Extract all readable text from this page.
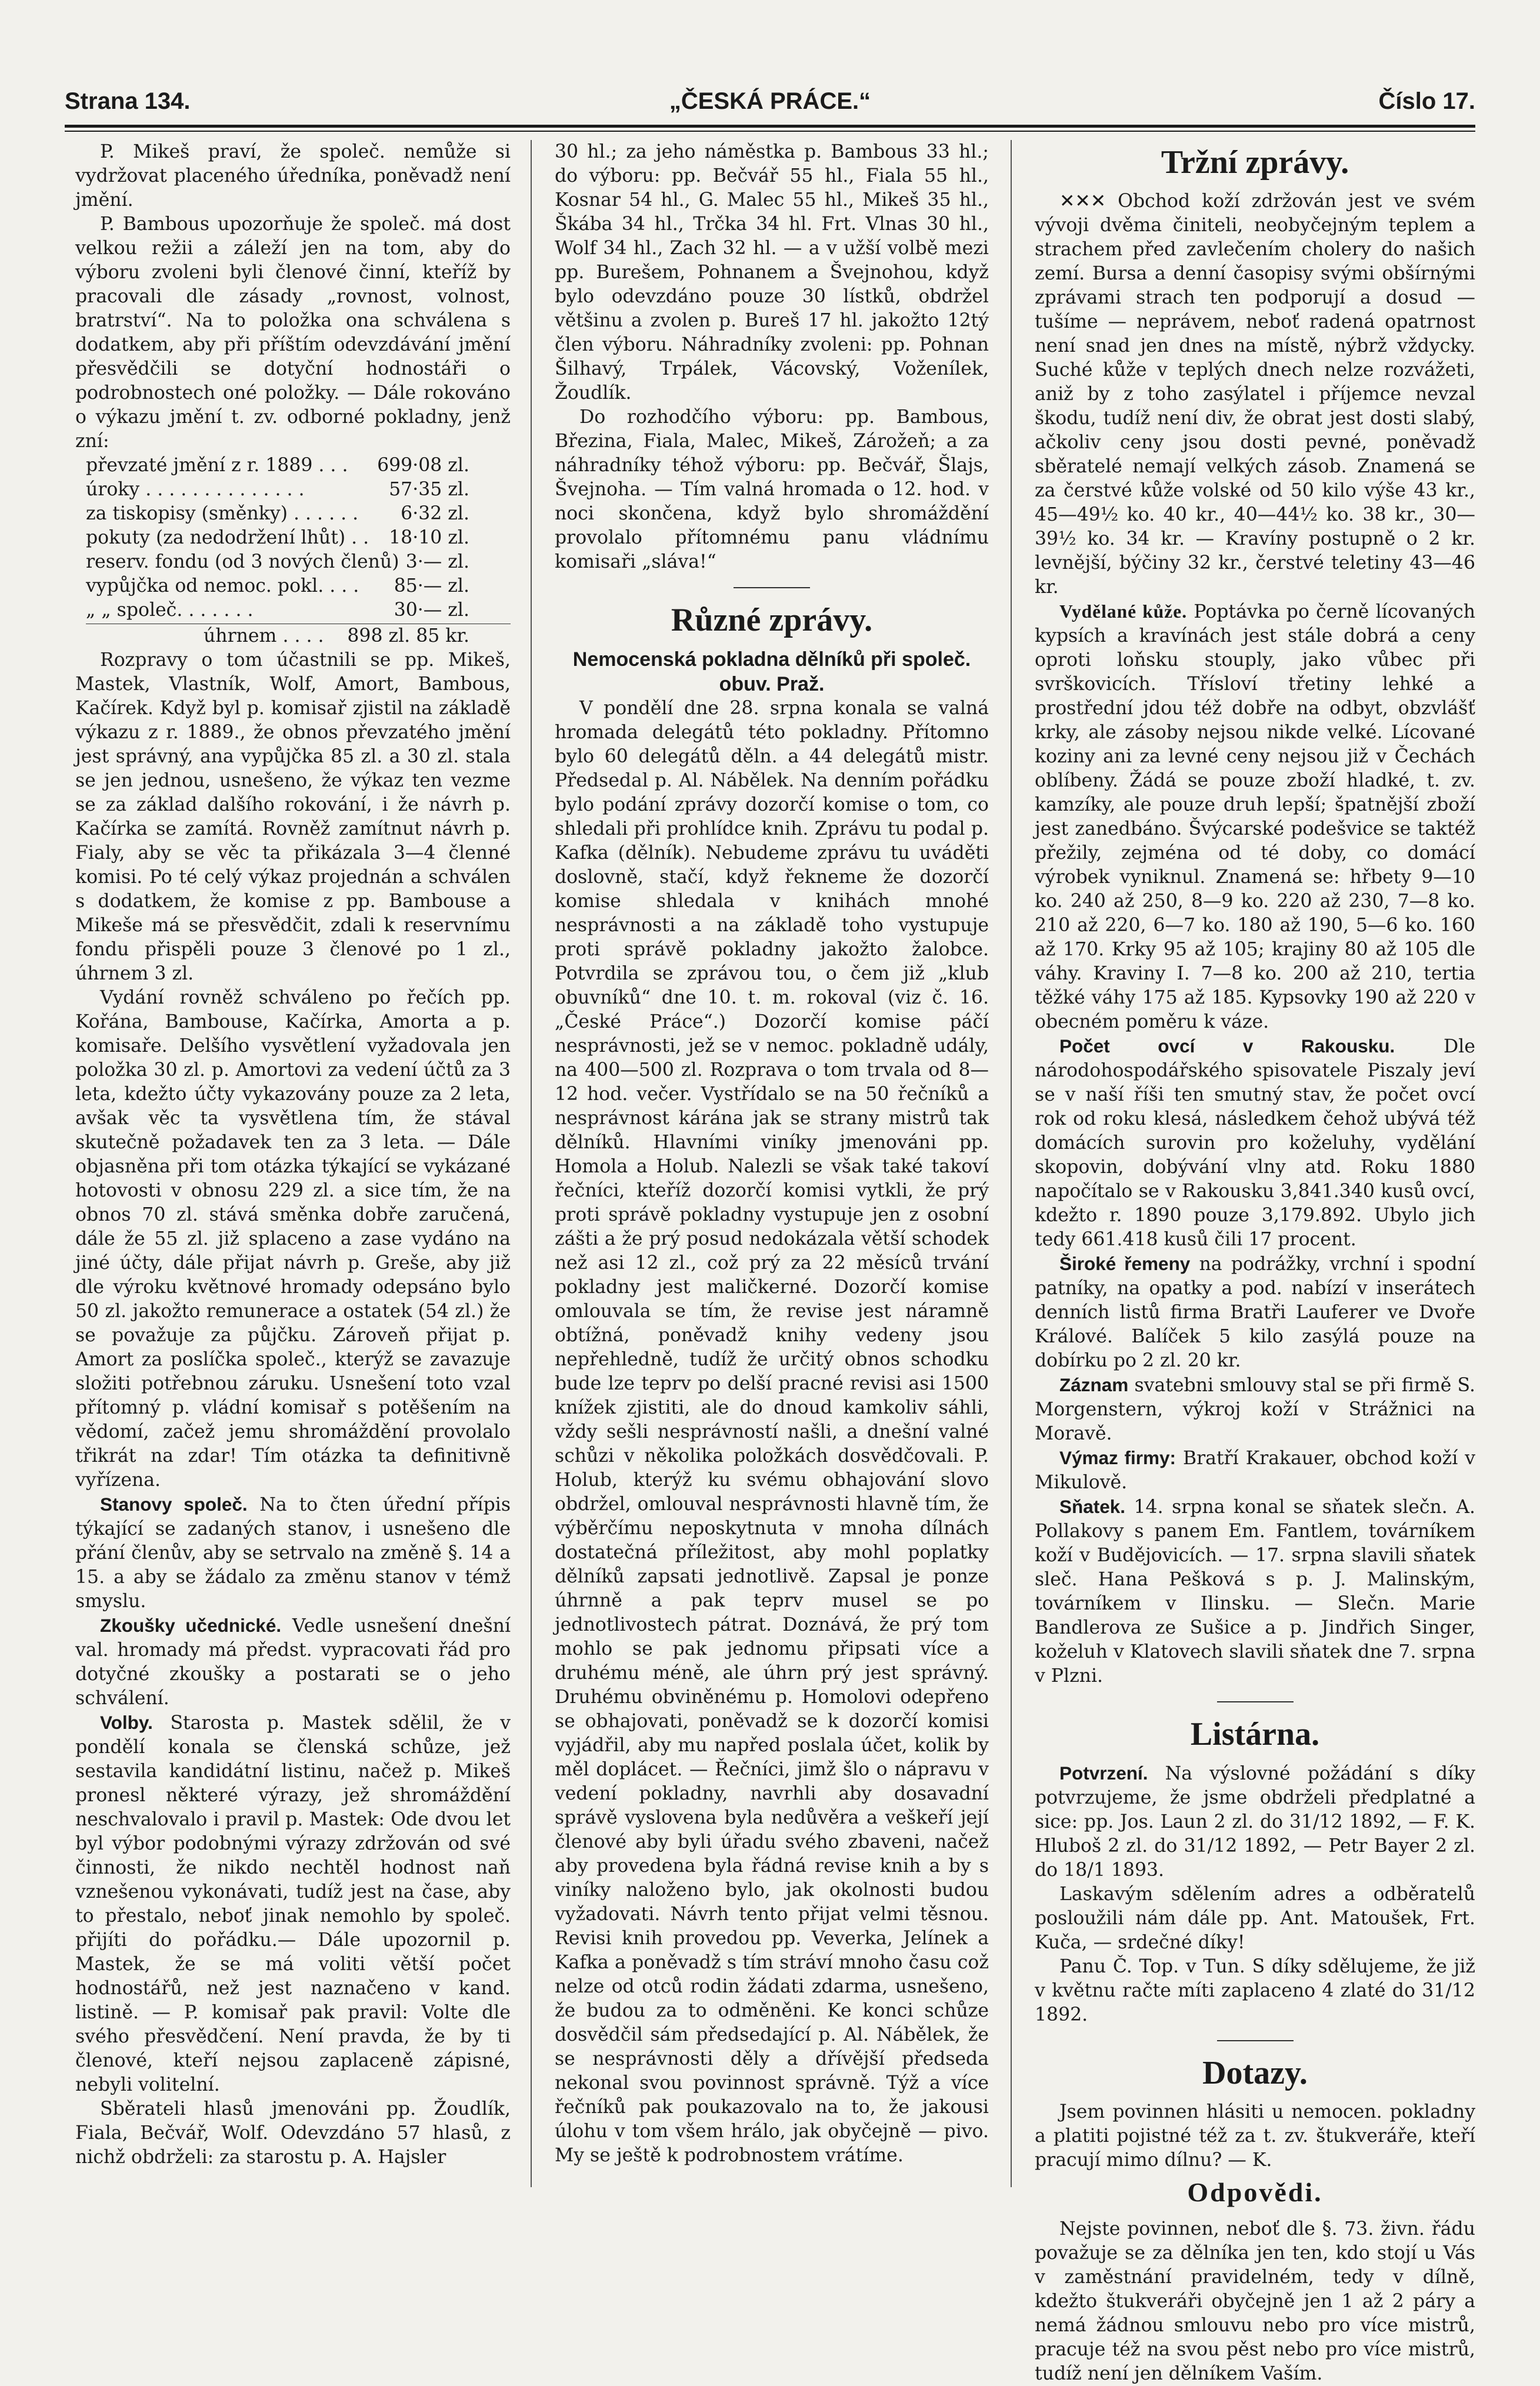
Strana 134.	„ČESKÁ PRÁCE.“	Číslo 17.

P. Mikeš praví, že společ. nemůže si vydržovat placeného úředníka, poněvadž není jmění.

P. Bambous upozorňuje že společ. má dost velkou režii a záleží jen na tom, aby do výboru zvoleni byli členové činní, kteříž by pracovali dle zásady „rovnost, volnost, bratrství“. Na to položka ona schválena s dodatkem, aby při příštím odevzdávání jmění přesvědčili se dotyční hodnostáři o podrobnostech oné položky. — Dále rokováno o výkazu jmění t. zv. odborné pokladny, jenž zní:

převzaté jmění z r. 1889 . . . 699·08 zl.
úroky . . . . . . . . . . . . . .	57·35 zl.
za tiskopisy (směnky) . . . . . . 6·32 zl.
pokuty (za nedodržení lhůt) . . 18·10 zl.
reserv. fondu (od 3 nových členů) 3·— zl.
vypůjčka od nemoc. pokl. . . . 85·— zl.
„ „ společ. . . . . . .	30·— zl.
úhrnem . . . . 898 zl. 85 kr.

Rozpravy o tom účastnili se pp. Mikeš, Mastek, Vlastník, Wolf, Amort, Bambous, Kačírek. Když byl p. komisař zjistil na základě výkazu z r. 1889., že obnos převzatého jmění jest správný, ana vypůjčka 85 zl. a 30 zl. stala se jen jednou, usnešeno, že výkaz ten vezme se za základ dalšího rokování, i že návrh p. Kačírka se zamítá. Rovněž zamítnut návrh p. Fialy, aby se věc ta přikázala 3—4 členné komisi. Po té celý výkaz projednán a schválen s dodatkem, že komise z pp. Bambouse a Mikeše má se přesvědčit, zdali k reservnímu fondu přispěli pouze 3 členové po 1 zl., úhrnem 3 zl.

Vydání rovněž schváleno po řečích pp. Kořána, Bambouse, Kačírka, Amorta a p. komisaře. Delšího vysvětlení vyžadovala jen položka 30 zl. p. Amortovi za vedení účtů za 3 leta, kdežto účty vykazovány pouze za 2 leta, avšak věc ta vysvětlena tím, že stával skutečně požadavek ten za 3 leta. — Dále objasněna při tom otázka týkající se vykázané hotovosti v obnosu 229 zl. a sice tím, že na obnos 70 zl. stává směnka dobře zaručená, dále že 55 zl. již splaceno a zase vydáno na jiné účty, dále přijat návrh p. Greše, aby již dle výroku květnové hromady odepsáno bylo 50 zl. jakožto remunerace a ostatek (54 zl.) že se považuje za půjčku. Zároveň přijat p. Amort za poslíčka společ., kterýž se zavazuje složiti potřebnou záruku. Usnešení toto vzal přítomný p. vládní komisař s potěšením na vědomí, začež jemu shromáždění provolalo třikrát na zdar! Tím otázka ta definitivně vyřízena.

Stanovy společ. Na to čten úřední přípis týkající se zadaných stanov, i usnešeno dle přání členův, aby se setrvalo na změně §. 14 a 15. a aby se žádalo za změnu stanov v témž smyslu.

Zkoušky učednické. Vedle usnešení dnešní val. hromady má předst. vypracovati řád pro dotyčné zkoušky a postarati se o jeho schválení.

Volby. Starosta p. Mastek sdělil, že v pondělí konala se členská schůze, jež sestavila kandidátní listinu, načež p. Mikeš pronesl některé výrazy, jež shromáždění neschvalovalo i pravil p. Mastek: Ode dvou let byl výbor podobnými výrazy zdržován od své činnosti, že nikdo nechtěl hodnost naň vznešenou vykonávati, tudíž jest na čase, aby to přestalo, neboť jinak nemohlo by společ. přijíti do pořádku.— Dále upozornil p. Mastek, že se má voliti větší počet hodnostářů, než jest naznačeno v kand. listině. — P. komisař pak pravil: Volte dle svého přesvědčení. Není pravda, že by ti členové, kteří nejsou zaplaceně zápisné, nebyli volitelní.

Sběrateli hlasů jmenováni pp. Žoudlík, Fiala, Bečvář, Wolf. Odevzdáno 57 hlasů, z nichž obdrželi: za starostu p. A. Hajsler

30 hl.; za jeho náměstka p. Bambous 33 hl.; do výboru: pp. Bečvář 55 hl., Fiala 55 hl., Kosnar 54 hl., G. Malec 55 hl., Mikeš 35 hl., Škába 34 hl., Trčka 34 hl. Frt. Vlnas 30 hl., Wolf 34 hl., Zach 32 hl. — a v užší volbě mezi pp. Burešem, Pohnanem a Švejnohou, když bylo odevzdáno pouze 30 lístků, obdržel většinu a zvolen p. Bureš 17 hl. jakožto 12tý člen výboru. Náhradníky zvoleni: pp. Pohnan Šilhavý, Trpálek, Vácovský, Voženílek, Žoudlík.

Do rozhodčího výboru: pp. Bambous, Březina, Fiala, Malec, Mikeš, Zárožeň; a za náhradníky téhož výboru: pp. Bečvář, Šlajs, Švejnoha. — Tím valná hromada o 12. hod. v noci skončena, když bylo shromáždění provolalo přítomnému panu vládnímu komisaři „sláva!“

Různé zprávy.
Nemocenská pokladna dělníků při společ. obuv. Praž.

V pondělí dne 28. srpna konala se valná hromada delegátů této pokladny. Přítomno bylo 60 delegátů děln. a 44 delegátů mistr. Předsedal p. Al. Nábělek. Na denním pořádku bylo podání zprávy dozorčí komise o tom, co shledali při prohlídce knih. Zprávu tu podal p. Kafka (dělník). Nebudeme zprávu tu uváděti doslovně, stačí, když řekneme že dozorčí komise shledala v knihách mnohé nesprávnosti a na základě toho vystupuje proti správě pokladny jakožto žalobce. Potvrdila se zprávou tou, o čem již „klub obuvníků“ dne 10. t. m. rokoval (viz č. 16. „České Práce“.) Dozorčí komise páčí nesprávnosti, jež se v nemoc. pokladně udály, na 400—500 zl. Rozprava o tom trvala od 8—12 hod. večer. Vystřídalo se na 50 řečníků a nesprávnost kárána jak se strany mistrů tak dělníků. Hlavními viníky jmenováni pp. Homola a Holub. Nalezli se však také takoví řečníci, kteříž dozorčí komisi vytkli, že prý proti správě pokladny vystupuje jen z osobní zášti a že prý posud nedokázala větší schodek než asi 12 zl., což prý za 22 měsíců trvání pokladny jest maličkerné. Dozorčí komise omlouvala se tím, že revise jest náramně obtížná, poněvadž knihy vedeny jsou nepřehledně, tudíž že určitý obnos schodku bude lze teprv po delší pracné revisi asi 1500 knížek zjistiti, ale do dnoud kamkoliv sáhli, vždy sešli nesprávností našli, a dnešní valné schůzi v několika položkách dosvědčovali. P. Holub, kterýž ku svému obhajování slovo obdržel, omlouval nesprávnosti hlavně tím, že výběrčímu neposkytnuta v mnoha dílnách dostatečná příležitost, aby mohl poplatky dělníků zapsati jednotlivě. Zapsal je ponze úhrnně a pak teprv musel se po jednotlivostech pátrat. Doznává, že prý tom mohlo se pak jednomu připsati více a druhému méně, ale úhrn prý jest správný. Druhému obviněnému p. Homolovi odepřeno se obhajovati, poněvadž se k dozorčí komisi vyjádřil, aby mu napřed poslala účet, kolik by měl doplácet. — Řečníci, jimž šlo o nápravu v vedení pokladny, navrhli aby dosavadní správě vyslovena byla nedůvěra a veškeří její členové aby byli úřadu svého zbaveni, načež aby provedena byla řádná revise knih a by s viníky naloženo bylo, jak okolnosti budou vyžadovati. Návrh tento přijat velmi těsnou. Revisi knih provedou pp. Veverka, Jelínek a Kafka a poněvadž s tím stráví mnoho času což nelze od otců rodin žádati zdarma, usnešeno, že budou za to odměněni. Ke konci schůze dosvědčil sám předsedající p. Al. Nábělek, že se nesprávnosti děly a dřívější předseda nekonal svou povinnost správně. Týž a více řečníků pak poukazovalo na to, že jakousi úlohu v tom všem hrálo, jak obyčejně — pivo. My se ještě k podrobnostem vrátíme.

Tržní zprávy.

✕✕✕ Obchod koží zdržován jest ve svém vývoji dvěma činiteli, neobyčejným teplem a strachem před zavlečením cholery do našich zemí. Bursa a denní časopisy svými obšírnými zprávami strach ten podporují a dosud — tušíme — neprávem, neboť radená opatrnost není snad jen dnes na místě, nýbrž vždycky. Suché kůže v teplých dnech nelze rozvážeti, aniž by z toho zasýlatel i příjemce nevzal škodu, tudíž není div, že obrat jest dosti slabý, ačkoliv ceny jsou dosti pevné, poněvadž sběratelé nemají velkých zásob. Znamená se za čerstvé kůže volské od 50 kilo výše 43 kr., 45—49½ ko. 40 kr., 40—44½ ko. 38 kr., 30—39½ ko. 34 kr. — Kravíny postupně o 2 kr. levnější, býčiny 32 kr., čerstvé teletiny 43—46 kr.

Vydělané kůže. Poptávka po černě lícovaných kypsích a kravínách jest stále dobrá a ceny oproti loňsku stouply, jako vůbec při svrškovicích. Třísloví třetiny lehké a prostřední jdou též dobře na odbyt, obzvlášť krky, ale zásoby nejsou nikde velké. Lícované koziny ani za levné ceny nejsou již v Čechách oblíbeny. Žádá se pouze zboží hladké, t. zv. kamzíky, ale pouze druh lepší; špatnější zboží jest zanedbáno. Švýcarské podešvice se taktéž přežily, zejména od té doby, co domácí výrobek vyniknul. Znamená se: hřbety 9—10 ko. 240 až 250, 8—9 ko. 220 až 230, 7—8 ko. 210 až 220, 6—7 ko. 180 až 190, 5—6 ko. 160 až 170. Krky 95 až 105; krajiny 80 až 105 dle váhy. Kraviny I. 7—8 ko. 200 až 210, tertia těžké váhy 175 až 185. Kypsovky 190 až 220 v obecném poměru k váze.

Počet ovcí v Rakousku.	Dle národohospodářského spisovatele Piszaly jeví se v naší říši ten smutný stav, že počet ovcí rok od roku klesá, následkem čehož ubývá též domácích surovin pro koželuhy, vydělání skopovin, dobývání vlny atd. Roku 1880 napočítalo se v Rakousku 3,841.340 kusů ovcí, kdežto r. 1890 pouze 3,179.892. Ubylo jich tedy 661.418 kusů čili 17 procent.

Široké řemeny na podrážky, vrchní i spodní patníky, na opatky a pod. nabízí v inserátech denních listů firma Bratři Lauferer ve Dvoře Králové. Balíček 5 kilo zasýlá pouze na dobírku po 2 zl. 20 kr.

Záznam svatebni smlouvy stal se při firmě S. Morgenstern, výkroj koží v Strážnici na Moravě.

Výmaz firmy: Bratří Krakauer, obchod koží v Mikulově.

Sňatek. 14. srpna konal se sňatek slečn. A. Pollakovy s panem Em. Fantlem, továrníkem koží v Budějovicích. — 17. srpna slavili sňatek sleč. Hana Pešková s p. J. Malinským, továrníkem v Ilinsku. — Slečn. Marie Bandlerova ze Sušice a p. Jindřich Singer, koželuh v Klatovech slavili sňatek dne 7. srpna v Plzni.

Listárna.

Potvrzení. Na výslovné požádání s díky potvrzujeme, že jsme obdrželi předplatné a sice: pp. Jos. Laun 2 zl. do 31/12 1892, — F. K. Hluboš 2 zl. do 31/12 1892, — Petr Bayer 2 zl. do 18/1 1893.

Laskavým sdělením adres a odběratelů posloužili nám dále pp. Ant. Matoušek, Frt. Kuča, — srdečné díky!

Panu Č. Top. v Tun. S díky sdělujeme, že již v květnu račte míti zaplaceno 4 zlaté do 31/12 1892.

Dotazy.

Jsem povinnen hlásiti u nemocen. pokladny a platiti pojistné též za t. zv. štukveráře, kteří pracují mimo dílnu? — K.

Odpovědi.

Nejste povinnen, neboť dle §. 73. živn. řádu považuje se za dělníka jen ten, kdo stojí u Vás v zaměstnání pravidelném, tedy v dílně, kdežto štukveráři obyčejně jen 1 až 2 páry a nemá žádnou smlouvu nebo pro více mistrů, pracuje též na svou pěst nebo pro více mistrů, tudíž není jen dělníkem Vaším.
